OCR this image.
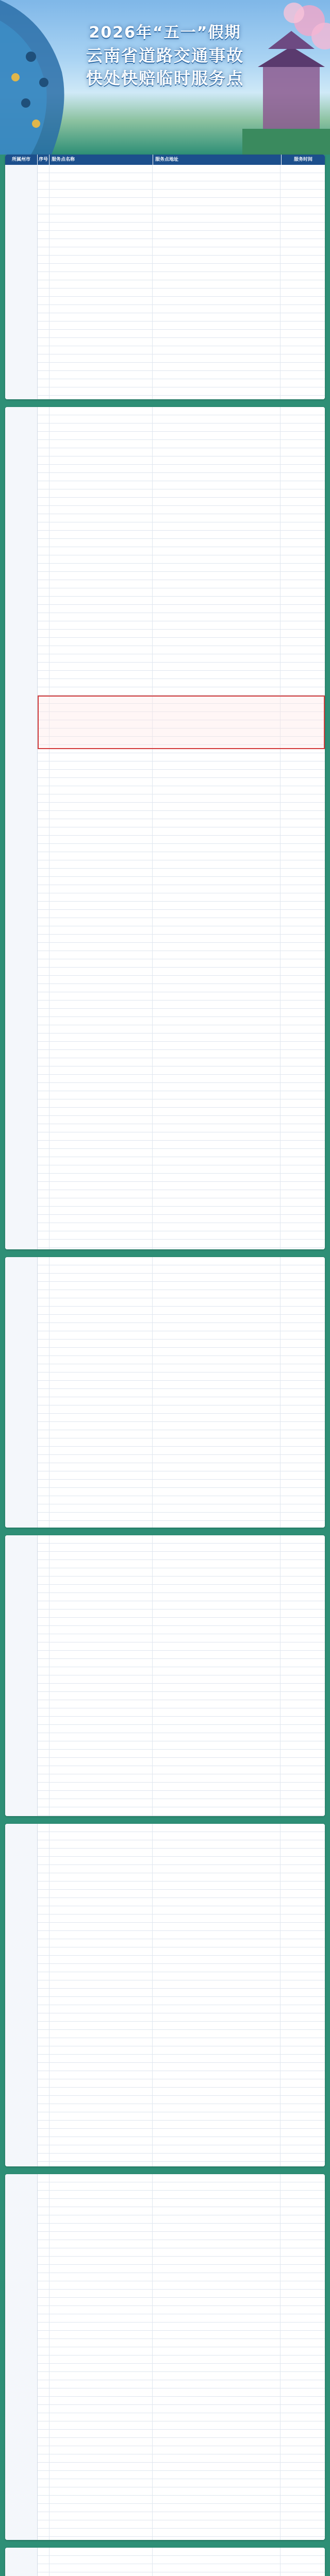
2026年“五一”假期
云南省道路交通事故
快处快赔临时服务点
所属州市	序号 服务点名称	服务点地址	服务时间
